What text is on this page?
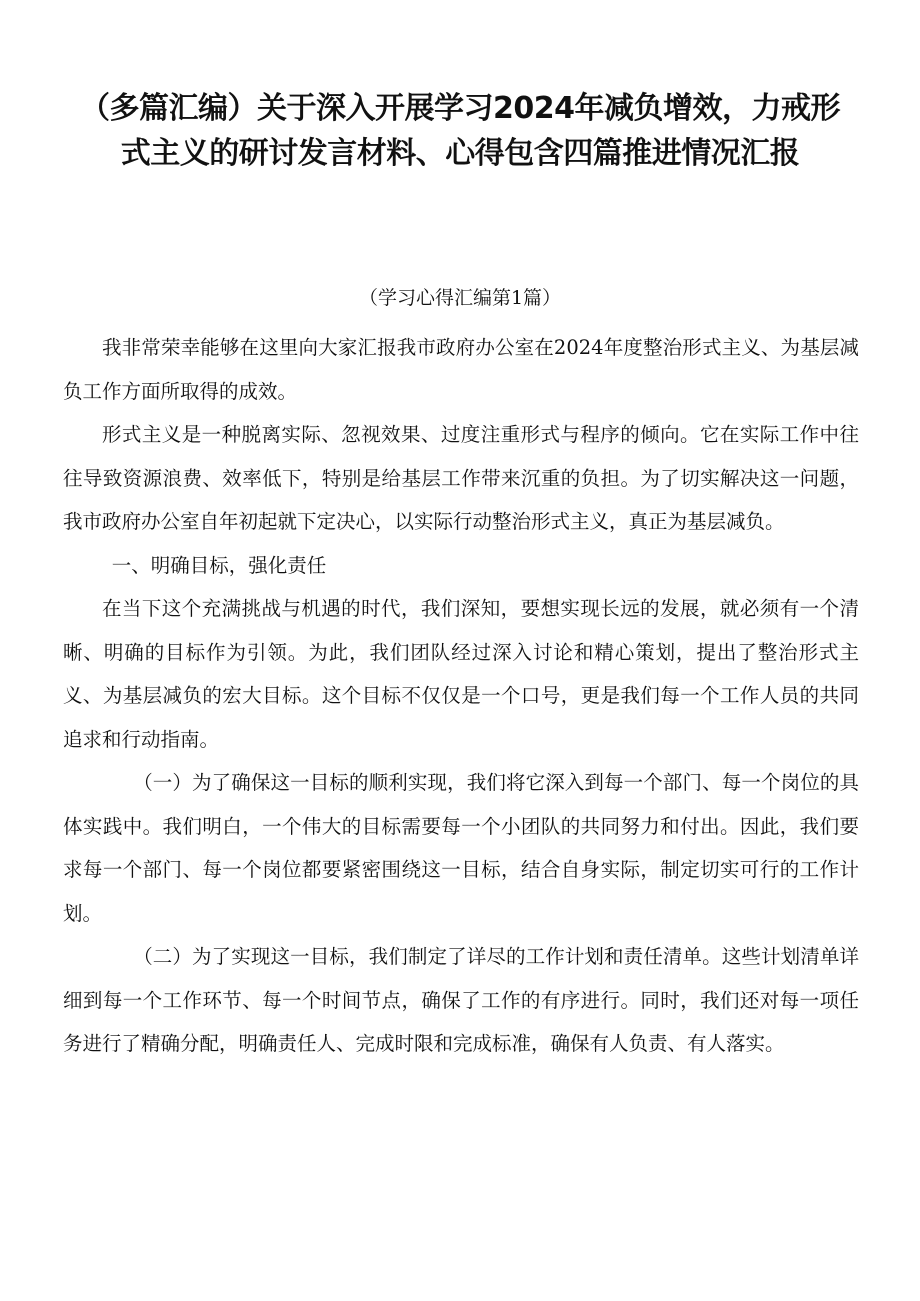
（多篇汇编）关于深入开展学习2024年减负增效，力戒形式主义的研讨发言材料、心得包含四篇推进情况汇报
（学习心得汇编第1篇）

我非常荣幸能够在这里向大家汇报我市政府办公室在2024年度整治形式主义、为基层减负工作方面所取得的成效。

形式主义是一种脱离实际、忽视效果、过度注重形式与程序的倾向。它在实际工作中往往导致资源浪费、效率低下，特别是给基层工作带来沉重的负担。为了切实解决这一问题，我市政府办公室自年初起就下定决心，以实际行动整治形式主义，真正为基层减负。

一、明确目标，强化责任

在当下这个充满挑战与机遇的时代，我们深知，要想实现长远的发展，就必须有一个清晰、明确的目标作为引领。为此，我们团队经过深入讨论和精心策划，提出了整治形式主义、为基层减负的宏大目标。这个目标不仅仅是一个口号，更是我们每一个工作人员的共同追求和行动指南。

（一）为了确保这一目标的顺利实现，我们将它深入到每一个部门、每一个岗位的具体实践中。我们明白，一个伟大的目标需要每一个小团队的共同努力和付出。因此，我们要求每一个部门、每一个岗位都要紧密围绕这一目标，结合自身实际，制定切实可行的工作计划。

（二）为了实现这一目标，我们制定了详尽的工作计划和责任清单。这些计划清单详细到每一个工作环节、每一个时间节点，确保了工作的有序进行。同时，我们还对每一项任务进行了精确分配，明确责任人、完成时限和完成标准，确保有人负责、有人落实。
